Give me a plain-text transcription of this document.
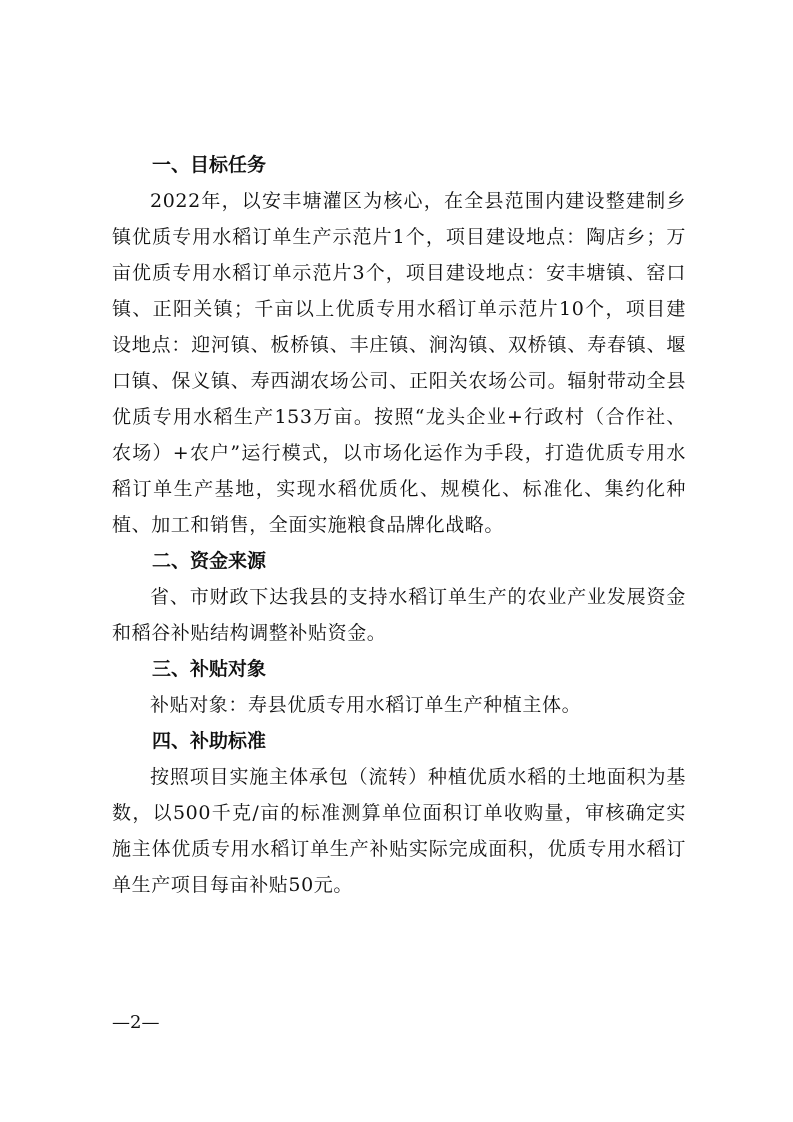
一、目标任务

2022年，以安丰塘灌区为核心，在全县范围内建设整建制乡镇优质专用水稻订单生产示范片1个，项目建设地点：陶店乡；万亩优质专用水稻订单示范片3个，项目建设地点：安丰塘镇、窑口镇、正阳关镇；千亩以上优质专用水稻订单示范片10个，项目建设地点：迎河镇、板桥镇、丰庄镇、涧沟镇、双桥镇、寿春镇、堰口镇、保义镇、寿西湖农场公司、正阳关农场公司。辐射带动全县优质专用水稻生产153万亩。按照“龙头企业+行政村（合作社、农场）+农户”运行模式，以市场化运作为手段，打造优质专用水稻订单生产基地，实现水稻优质化、规模化、标准化、集约化种植、加工和销售，全面实施粮食品牌化战略。

二、资金来源

省、市财政下达我县的支持水稻订单生产的农业产业发展资金和稻谷补贴结构调整补贴资金。

三、补贴对象

补贴对象：寿县优质专用水稻订单生产种植主体。

四、补助标准

按照项目实施主体承包（流转）种植优质水稻的土地面积为基数，以500千克/亩的标准测算单位面积订单收购量，审核确定实施主体优质专用水稻订单生产补贴实际完成面积，优质专用水稻订单生产项目每亩补贴50元。

—2—
